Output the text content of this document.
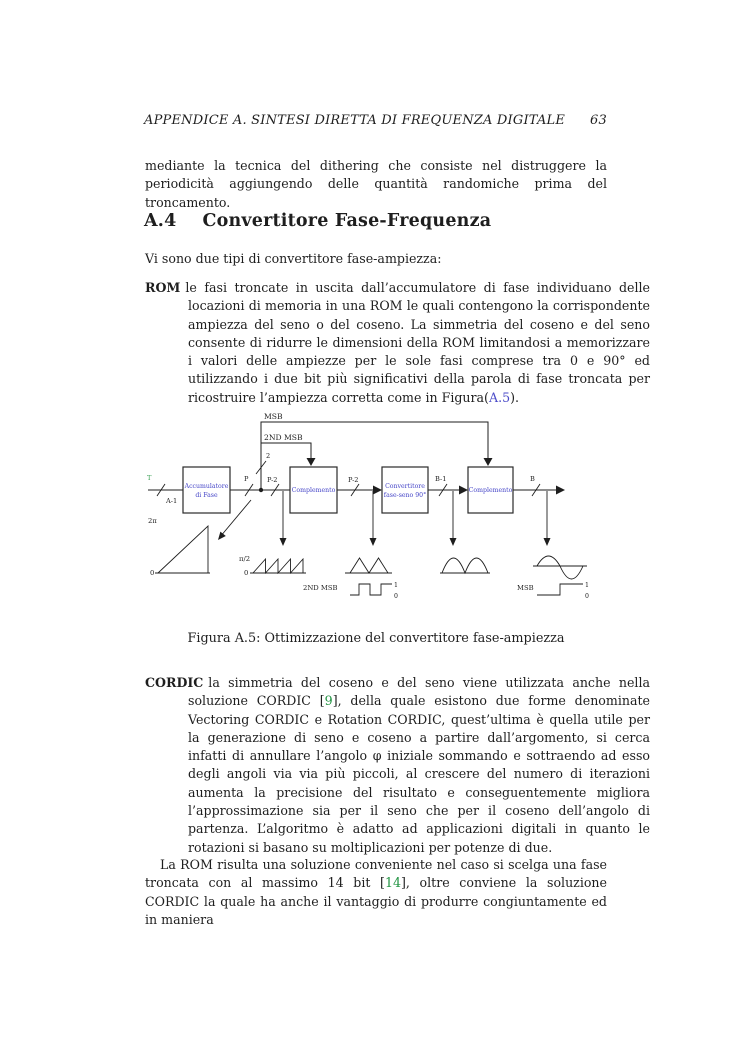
APPENDICE A. SINTESI DIRETTA DI FREQUENZA DIGITALE 63

mediante la tecnica del dithering che consiste nel distruggere la periodicità aggiungendo delle quantità randomiche prima del troncamento.

A.4 Convertitore Fase-Frequenza

Vi sono due tipi di convertitore fase-ampiezza:

ROM le fasi troncate in uscita dall’accumulatore di fase individuano delle locazioni di memoria in una ROM le quali contengono la corrispondente ampiezza del seno o del coseno. La simmetria del coseno e del seno consente di ridurre le dimensioni della ROM limitandosi a memorizzare i valori delle ampiezze per le sole fasi comprese tra 0 e 90° ed utilizzando i due bit più significativi della parola di fase troncata per ricostruire l’ampiezza corretta come in Figura(A.5).

MSB
2ND MSB
2
T
A-1
P	P-2	P-2	B-1	B
Accumulatore
di Fase
Complemento
Convertitore
fase-seno 90°
Complemento
2π
0
π/2
0
2ND MSB	1
0
MSB	1
0

Figura A.5: Ottimizzazione del convertitore fase-ampiezza

CORDIC la simmetria del coseno e del seno viene utilizzata anche nella soluzione CORDIC [9], della quale esistono due forme denominate Vectoring CORDIC e Rotation CORDIC, quest’ultima è quella utile per la generazione di seno e coseno a partire dall’argomento, si cerca infatti di annullare l’angolo φ iniziale sommando e sottraendo ad esso degli angoli via via più piccoli, al crescere del numero di iterazioni aumenta la precisione del risultato e conseguentemente migliora l’approssimazione sia per il seno che per il coseno dell’angolo di partenza. L’algoritmo è adatto ad applicazioni digitali in quanto le rotazioni si basano su moltiplicazioni per potenze di due.

La ROM risulta una soluzione conveniente nel caso si scelga una fase troncata con al massimo 14 bit [14], oltre conviene la soluzione CORDIC la quale ha anche il vantaggio di produrre congiuntamente ed in maniera
